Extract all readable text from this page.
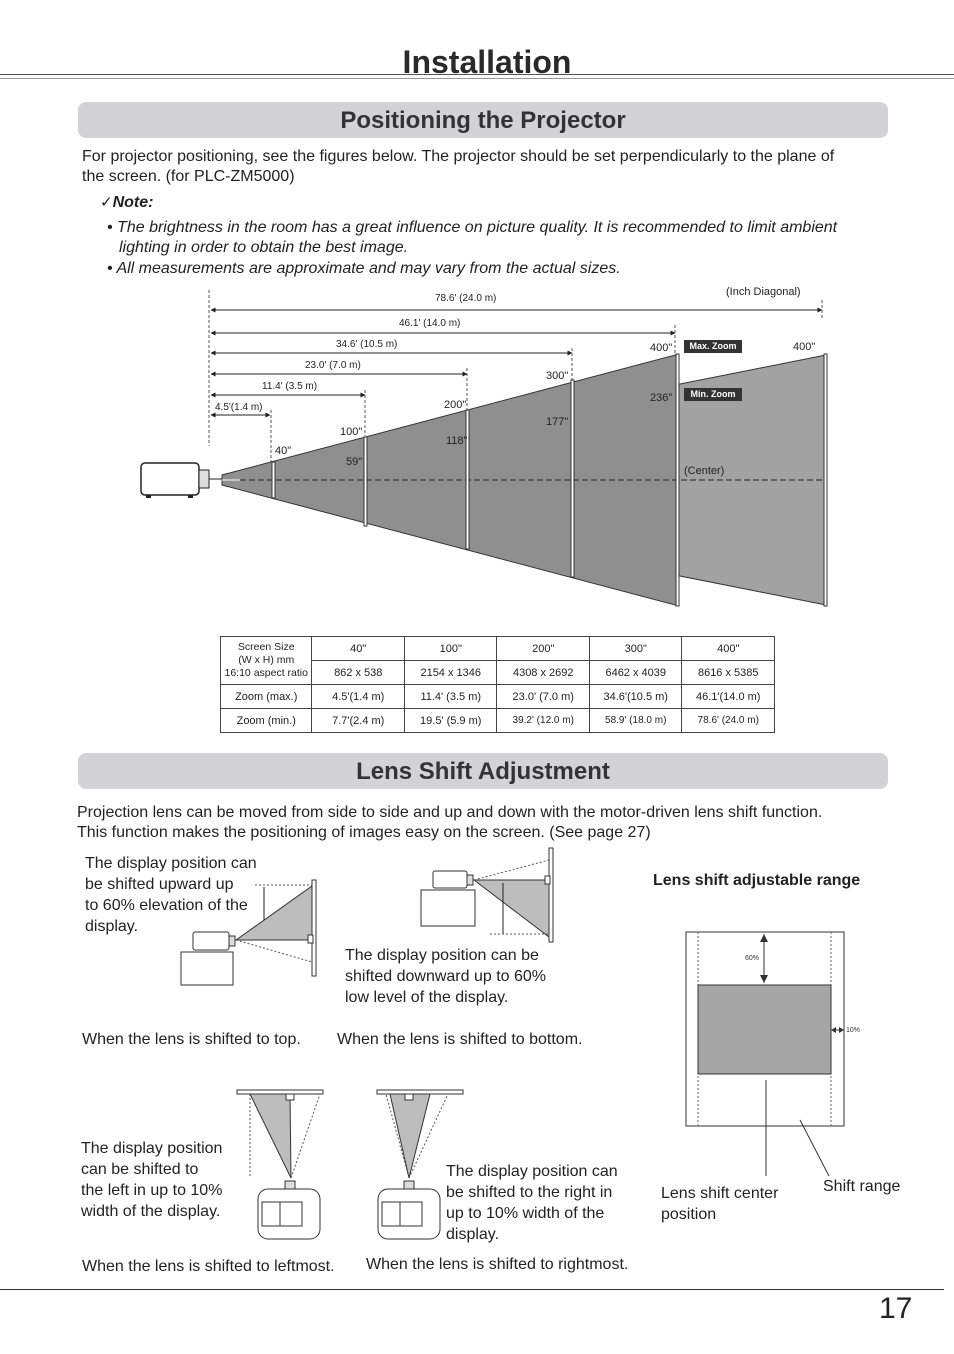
Installation
Positioning the Projector
For projector positioning, see the figures below. The projector should be set perpendicularly to the plane of
the screen. (for PLC-ZM5000)
✓Note:
• The brightness in the room has a great influence on picture quality. It is recommended to limit ambient
lighting in order to obtain the best image.
• All measurements are approximate and may vary from the actual sizes.
(Inch Diagonal)
78.6' (24.0 m)
46.1' (14.0 m)
34.6' (10.5 m)
23.0' (7.0 m)
11.4' (3.5 m)
4.5'(1.4 m)
40"
100"
200"
300"
400"
59"
118"
177"
236"
400"
Max. Zoom
Min. Zoom
(Center)
Screen Size
(W x H) mm
16:10 aspect ratio	40"	100"	200"	300"	400"
	862 x 538	2154 x 1346	4308 x 2692	6462 x 4039	8616 x 5385
Zoom (max.)	4.5'(1.4 m)	11.4' (3.5 m)	23.0' (7.0 m)	34.6'(10.5 m)	46.1'(14.0 m)
Zoom (min.)	7.7'(2.4 m)	19.5' (5.9 m)	39.2' (12.0 m)	58.9' (18.0 m)	78.6' (24.0 m)
Lens Shift Adjustment
Projection lens can be moved from side to side and up and down with the motor-driven lens shift function.
This function makes the positioning of images easy on the screen. (See page 27)
The display position can
be shifted upward up
to 60% elevation of the
display.
When the lens is shifted to top.
The display position can be
shifted downward up to 60%
low level of the display.
When the lens is shifted to bottom.
Lens shift adjustable range
60%
10%
Lens shift center
position
Shift range
The display position
can be shifted to
the left in up to 10%
width of the display.
When the lens is shifted to leftmost.
The display position can
be shifted to the right in
up to 10% width of the
display.
When the lens is shifted to rightmost.
17
